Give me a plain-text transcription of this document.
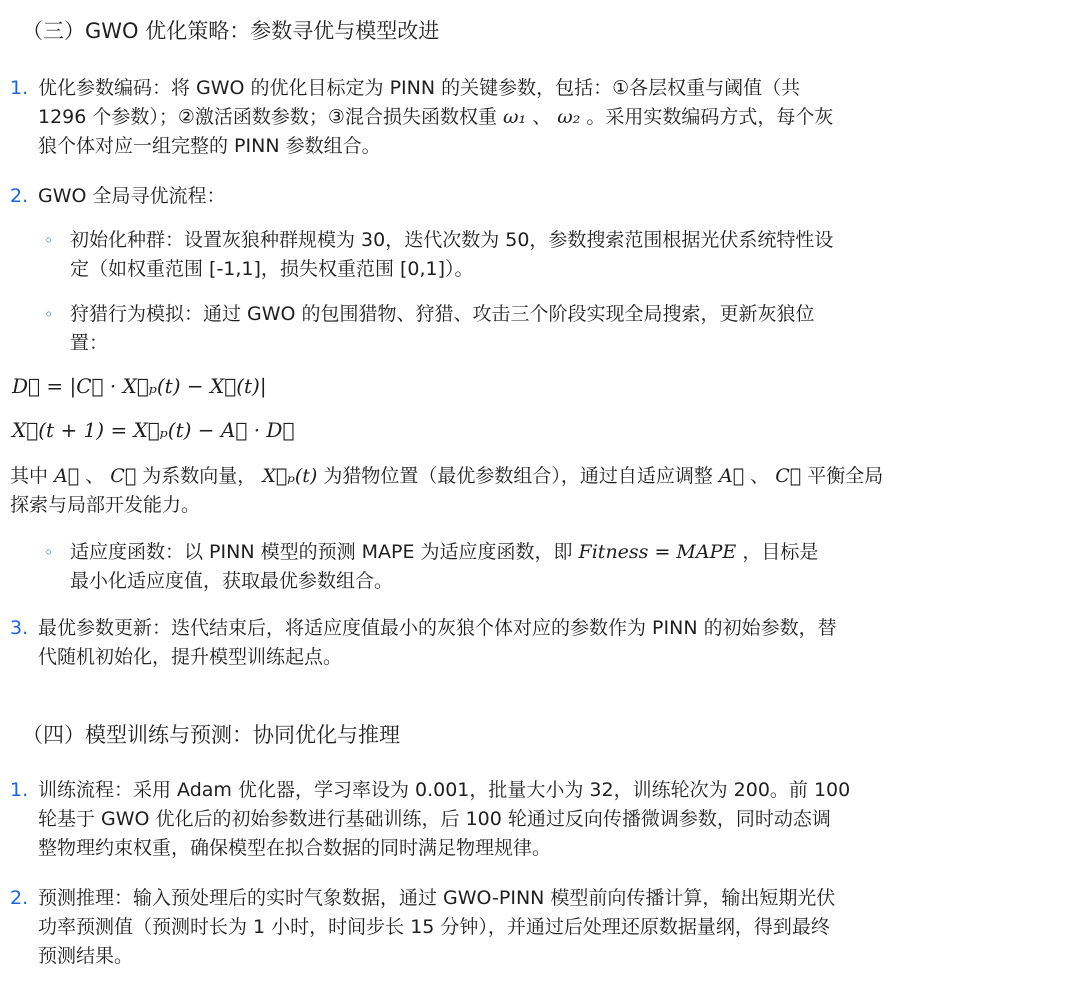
（三）GWO 优化策略：参数寻优与模型改进
1. 优化参数编码：将 GWO 的优化目标定为 PINN 的关键参数，包括：①各层权重与阈值（共
1296 个参数）；②激活函数参数；③混合损失函数权重 ω₁ 、 ω₂ 。采用实数编码方式，每个灰
狼个体对应一组完整的 PINN 参数组合。
2. GWO 全局寻优流程：
◦ 初始化种群：设置灰狼种群规模为 30，迭代次数为 50，参数搜索范围根据光伏系统特性设
定（如权重范围 [-1,1]，损失权重范围 [0,1]）。
◦ 狩猎行为模拟：通过 GWO 的包围猎物、狩猎、攻击三个阶段实现全局搜索，更新灰狼位
置：
D⃗ = |C⃗ · X⃗ₚ(t) − X⃗(t)|
X⃗(t + 1) = X⃗ₚ(t) − A⃗ · D⃗
其中 A⃗ 、 C⃗ 为系数向量， X⃗ₚ(t) 为猎物位置（最优参数组合），通过自适应调整 A⃗ 、 C⃗ 平衡全局
探索与局部开发能力。
◦ 适应度函数：以 PINN 模型的预测 MAPE 为适应度函数，即 Fitness = MAPE ，目标是
最小化适应度值，获取最优参数组合。
3. 最优参数更新：迭代结束后，将适应度值最小的灰狼个体对应的参数作为 PINN 的初始参数，替
代随机初始化，提升模型训练起点。
（四）模型训练与预测：协同优化与推理
1. 训练流程：采用 Adam 优化器，学习率设为 0.001，批量大小为 32，训练轮次为 200。前 100
轮基于 GWO 优化后的初始参数进行基础训练，后 100 轮通过反向传播微调参数，同时动态调
整物理约束权重，确保模型在拟合数据的同时满足物理规律。
2. 预测推理：输入预处理后的实时气象数据，通过 GWO-PINN 模型前向传播计算，输出短期光伏
功率预测值（预测时长为 1 小时，时间步长 15 分钟），并通过后处理还原数据量纲，得到最终
预测结果。
